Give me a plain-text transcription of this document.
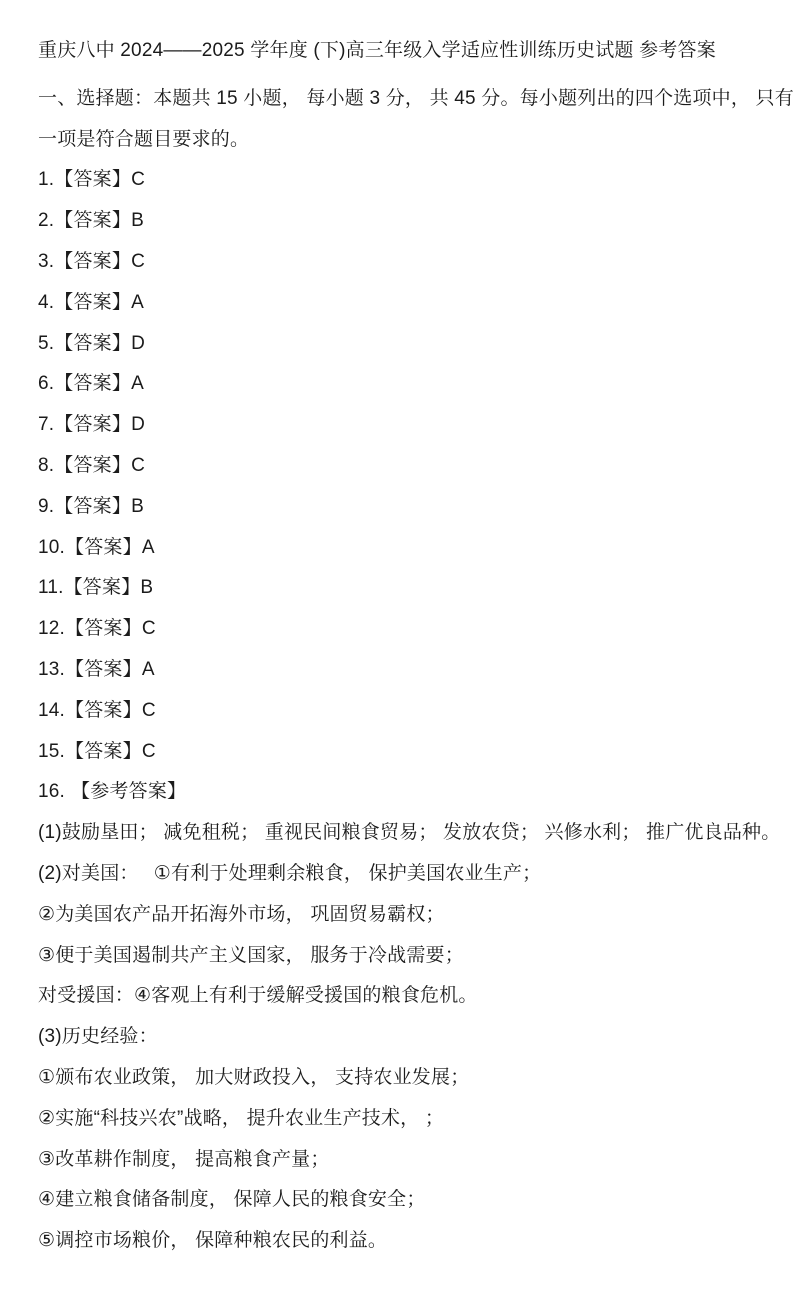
重庆八中 2024——2025 学年度 (下)高三年级入学适应性训练历史试题 参考答案
一、选择题：本题共 15 小题， 每小题 3 分， 共 45 分。每小题列出的四个选项中， 只有
一项是符合题目要求的。
1.【答案】C
2.【答案】B
3.【答案】C
4.【答案】A
5.【答案】D
6.【答案】A
7.【答案】D
8.【答案】C
9.【答案】B
10.【答案】A
11.【答案】B
12.【答案】C
13.【答案】A
14.【答案】C
15.【答案】C
16. 【参考答案】
(1)鼓励垦田； 减免租税； 重视民间粮食贸易； 发放农贷； 兴修水利； 推广优良品种。
(2)对美国：　 ①有利于处理剩余粮食， 保护美国农业生产；
②为美国农产品开拓海外市场， 巩固贸易霸权；
③便于美国遏制共产主义国家， 服务于冷战需要；
对受援国：④客观上有利于缓解受援国的粮食危机。
(3)历史经验：
①颁布农业政策， 加大财政投入， 支持农业发展；
②实施“科技兴农”战略， 提升农业生产技术， ；
③改革耕作制度， 提高粮食产量；
④建立粮食储备制度， 保障人民的粮食安全；
⑤调控市场粮价， 保障种粮农民的利益。
